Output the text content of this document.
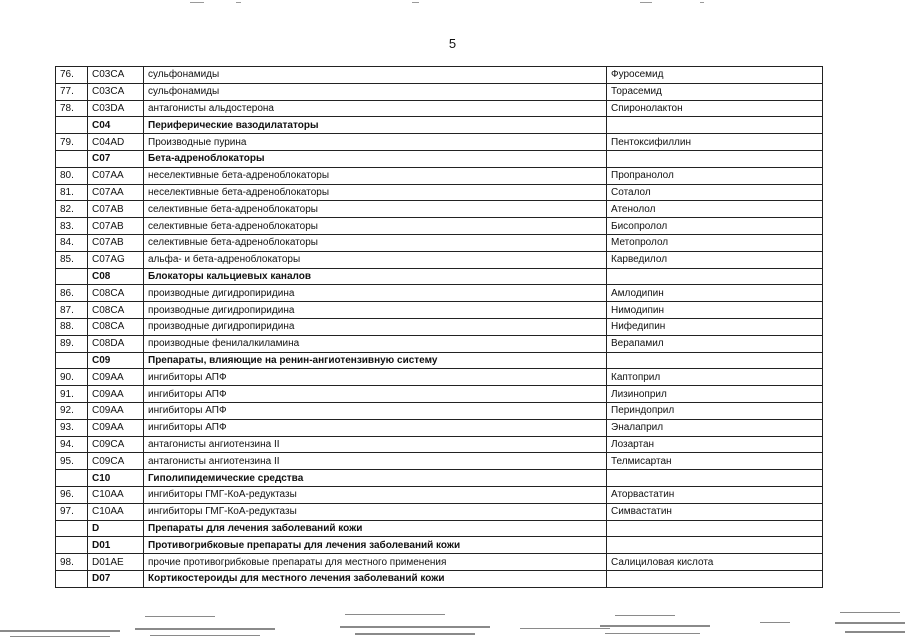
5
76.	C03CA	сульфонамиды	Фуросемид
77.	C03CA	сульфонамиды	Торасемид
78.	C03DA	антагонисты альдостерона	Спиронолактон
	C04	Периферические вазодилататоры	
79.	C04AD	Производные пурина	Пентоксифиллин
	C07	Бета-адреноблокаторы	
80.	C07AA	неселективные бета-адреноблокаторы	Пропранолол
81.	C07AA	неселективные бета-адреноблокаторы	Соталол
82.	C07AB	селективные бета-адреноблокаторы	Атенолол
83.	C07AB	селективные бета-адреноблокаторы	Бисопролол
84.	C07AB	селективные бета-адреноблокаторы	Метопролол
85.	C07AG	альфа- и бета-адреноблокаторы	Карведилол
	C08	Блокаторы кальциевых каналов	
86.	C08CA	производные дигидропиридина	Амлодипин
87.	C08CA	производные дигидропиридина	Нимодипин
88.	C08CA	производные дигидропиридина	Нифедипин
89.	C08DA	производные фенилалкиламина	Верапамил
	C09	Препараты, влияющие на ренин-ангиотензивную систему	
90.	C09AA	ингибиторы АПФ	Каптоприл
91.	C09AA	ингибиторы АПФ	Лизиноприл
92.	C09AA	ингибиторы АПФ	Периндоприл
93.	C09AA	ингибиторы АПФ	Эналаприл
94.	C09CA	антагонисты ангиотензина II	Лозартан
95.	C09CA	антагонисты ангиотензина II	Телмисартан
	C10	Гиполипидемические средства	
96.	C10AA	ингибиторы ГМГ-КоА-редуктазы	Аторвастатин
97.	C10AA	ингибиторы ГМГ-КоА-редуктазы	Симвастатин
	D	Препараты для лечения заболеваний кожи	
	D01	Противогрибковые препараты для лечения заболеваний кожи	
98.	D01AE	прочие противогрибковые препараты для местного применения	Салициловая кислота
	D07	Кортикостероиды для местного лечения заболеваний кожи	
